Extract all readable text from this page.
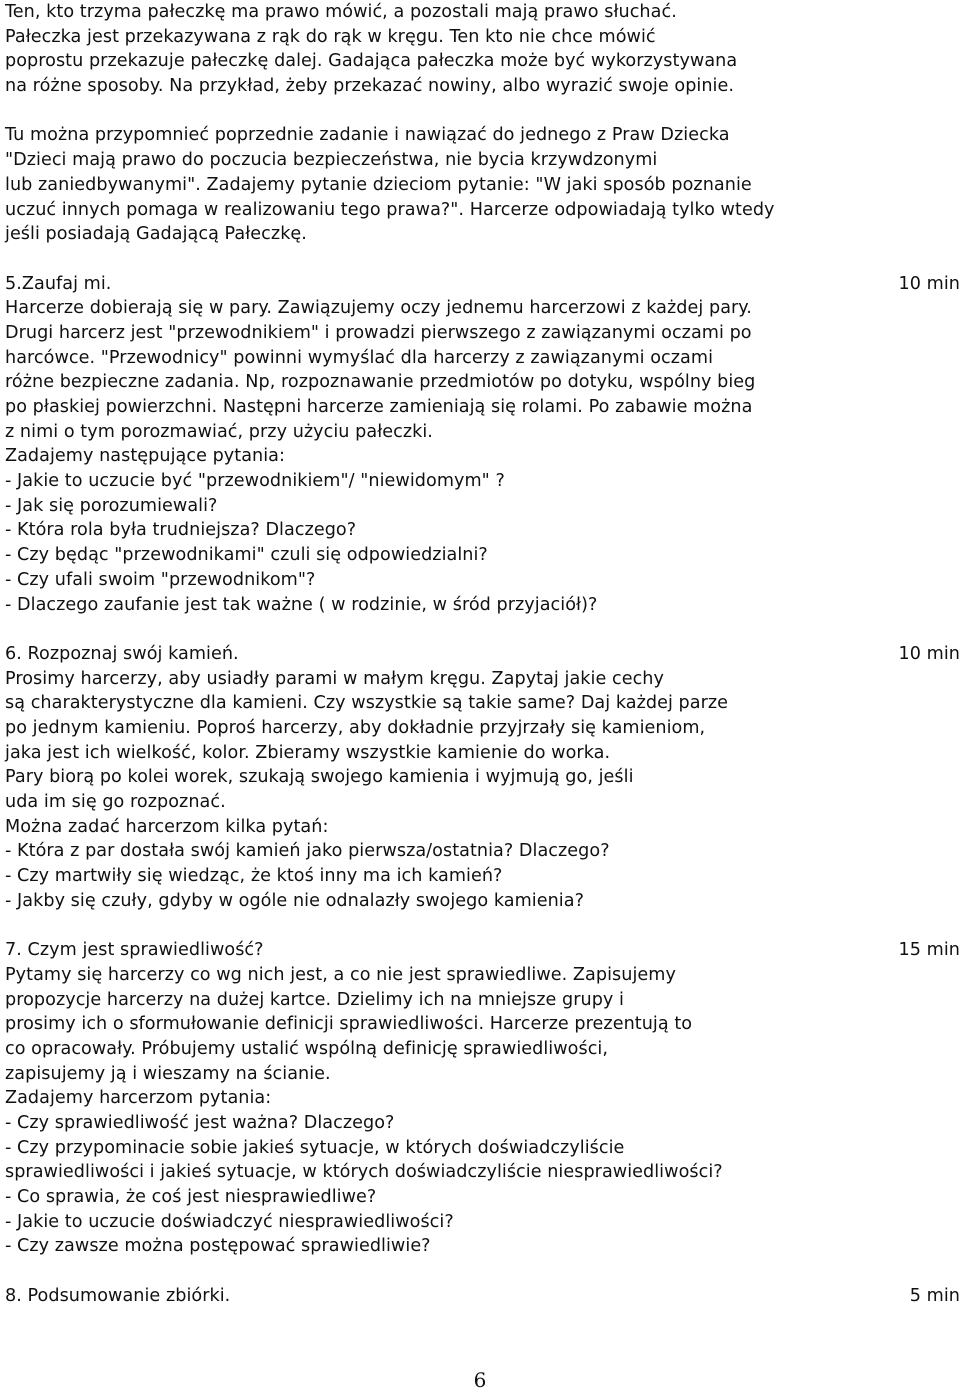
Ten, kto trzyma pałeczkę ma prawo mówić, a pozostali mają prawo słuchać.
Pałeczka jest przekazywana z rąk do rąk w kręgu. Ten kto nie chce mówić
poprostu przekazuje pałeczkę dalej. Gadająca pałeczka może być wykorzystywana
na różne sposoby. Na przykład, żeby przekazać nowiny, albo wyrazić swoje opinie.
Tu można przypomnieć poprzednie zadanie i nawiązać do jednego z Praw Dziecka
"Dzieci mają prawo do poczucia bezpieczeństwa, nie bycia krzywdzonymi
lub zaniedbywanymi". Zadajemy pytanie dzieciom pytanie: "W jaki sposób poznanie
uczuć innych pomaga w realizowaniu tego prawa?". Harcerze odpowiadają tylko wtedy
jeśli posiadają Gadającą Pałeczkę.
5.Zaufaj mi.	10 min
Harcerze dobierają się w pary. Zawiązujemy oczy jednemu harcerzowi z każdej pary.
Drugi harcerz jest "przewodnikiem" i prowadzi pierwszego z zawiązanymi oczami po
harcówce. "Przewodnicy" powinni wymyślać dla harcerzy z zawiązanymi oczami
różne bezpieczne zadania. Np, rozpoznawanie przedmiotów po dotyku, wspólny bieg
po płaskiej powierzchni. Następni harcerze zamieniają się rolami. Po zabawie można
z nimi o tym porozmawiać, przy użyciu pałeczki.
Zadajemy następujące pytania:
- Jakie to uczucie być "przewodnikiem"/ "niewidomym" ?
- Jak się porozumiewali?
- Która rola była trudniejsza? Dlaczego?
- Czy będąc "przewodnikami" czuli się odpowiedzialni?
- Czy ufali swoim "przewodnikom"?
- Dlaczego zaufanie jest tak ważne ( w rodzinie, w śród przyjaciół)?
6. Rozpoznaj swój kamień.	10 min
Prosimy harcerzy, aby usiadły parami w małym kręgu. Zapytaj jakie cechy
są charakterystyczne dla kamieni. Czy wszystkie są takie same? Daj każdej parze
po jednym kamieniu. Poproś harcerzy, aby dokładnie przyjrzały się kamieniom,
jaka jest ich wielkość, kolor. Zbieramy wszystkie kamienie do worka.
Pary biorą po kolei worek, szukają swojego kamienia i wyjmują go, jeśli
uda im się go rozpoznać.
Można zadać harcerzom kilka pytań:
- Która z par dostała swój kamień jako pierwsza/ostatnia? Dlaczego?
- Czy martwiły się wiedząc, że ktoś inny ma ich kamień?
- Jakby się czuły, gdyby w ogóle nie odnalazły swojego kamienia?
7. Czym jest sprawiedliwość?	15 min
Pytamy się harcerzy co wg nich jest, a co nie jest sprawiedliwe. Zapisujemy
propozycje harcerzy na dużej kartce. Dzielimy ich na mniejsze grupy i
prosimy ich o sformułowanie definicji sprawiedliwości. Harcerze prezentują to
co opracowały. Próbujemy ustalić wspólną definicję sprawiedliwości,
zapisujemy ją i wieszamy na ścianie.
Zadajemy harcerzom pytania:
- Czy sprawiedliwość jest ważna? Dlaczego?
- Czy przypominacie sobie jakieś sytuacje, w których doświadczyliście
sprawiedliwości i jakieś sytuacje, w których doświadczyliście niesprawiedliwości?
- Co sprawia, że coś jest niesprawiedliwe?
- Jakie to uczucie doświadczyć niesprawiedliwości?
- Czy zawsze można postępować sprawiedliwie?
8. Podsumowanie zbiórki.	5 min
6
